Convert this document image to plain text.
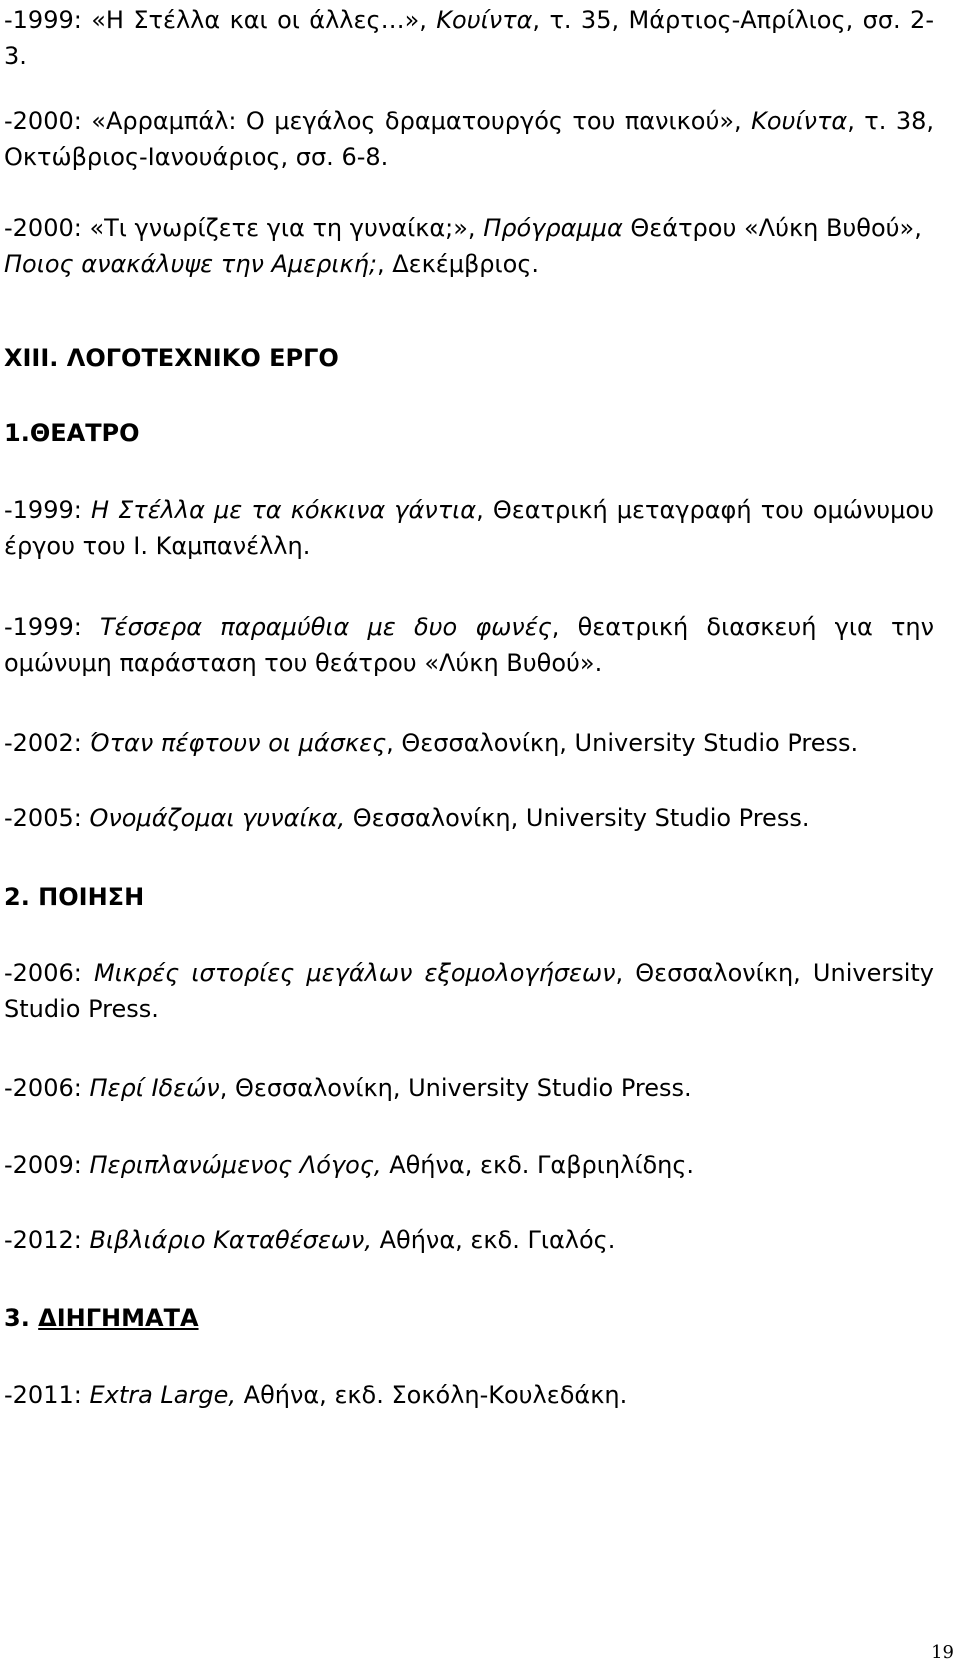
-1999: «Η Στέλλα και οι άλλες…», Κουίντα, τ. 35, Μάρτιος-Απρίλιος, σσ. 2-3.

-2000: «Αρραμπάλ: Ο μεγάλος δραματουργός του πανικού», Κουίντα, τ. 38, Οκτώβριος-Ιανουάριος, σσ. 6-8.

-2000: «Τι γνωρίζετε για τη γυναίκα;», Πρόγραμμα Θεάτρου «Λύκη Βυθού», Ποιος ανακάλυψε την Αμερική;, Δεκέμβριος.

XIII. ΛΟΓΟΤΕΧΝΙΚΟ ΕΡΓΟ

1.ΘΕΑΤΡΟ

-1999: Η Στέλλα με τα κόκκινα γάντια, Θεατρική μεταγραφή του ομώνυμου έργου του Ι. Καμπανέλλη.

-1999: Τέσσερα παραμύθια με δυο φωνές, θεατρική διασκευή για την ομώνυμη παράσταση του θεάτρου «Λύκη Βυθού».

-2002: Όταν πέφτουν οι μάσκες, Θεσσαλονίκη, University Studio Press.

-2005: Ονομάζομαι γυναίκα, Θεσσαλονίκη, University Studio Press.

2. ΠΟΙΗΣΗ

-2006: Μικρές ιστορίες μεγάλων εξομολογήσεων, Θεσσαλονίκη, University Studio Press.

-2006: Περί Ιδεών, Θεσσαλονίκη, University Studio Press.

-2009: Περιπλανώμενος Λόγος, Αθήνα, εκδ. Γαβριηλίδης.

-2012: Βιβλιάριο Καταθέσεων, Αθήνα, εκδ. Γιαλός.

3. ΔΙΗΓΗΜΑΤΑ

-2011: Extra Large, Αθήνα, εκδ. Σοκόλη-Κουλεδάκη.

19
